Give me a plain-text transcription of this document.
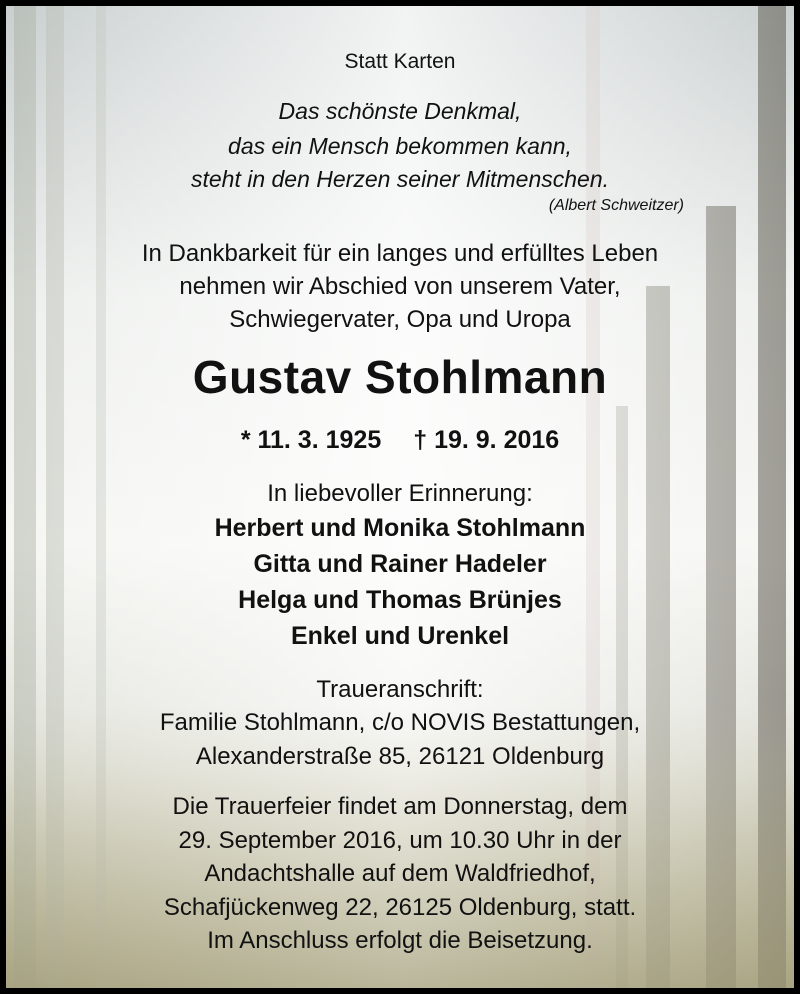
Statt Karten
Das schönste Denkmal,
das ein Mensch bekommen kann,
steht in den Herzen seiner Mitmenschen.
(Albert Schweitzer)
In Dankbarkeit für ein langes und erfülltes Leben
nehmen wir Abschied von unserem Vater,
Schwiegervater, Opa und Uropa
Gustav Stohlmann
* 11. 3. 1925 † 19. 9. 2016
In liebevoller Erinnerung:
Herbert und Monika Stohlmann
Gitta und Rainer Hadeler
Helga und Thomas Brünjes
Enkel und Urenkel
Traueranschrift:
Familie Stohlmann, c/o NOVIS Bestattungen,
Alexanderstraße 85, 26121 Oldenburg
Die Trauerfeier findet am Donnerstag, dem
29. September 2016, um 10.30 Uhr in der
Andachtshalle auf dem Waldfriedhof,
Schafjückenweg 22, 26125 Oldenburg, statt.
Im Anschluss erfolgt die Beisetzung.
